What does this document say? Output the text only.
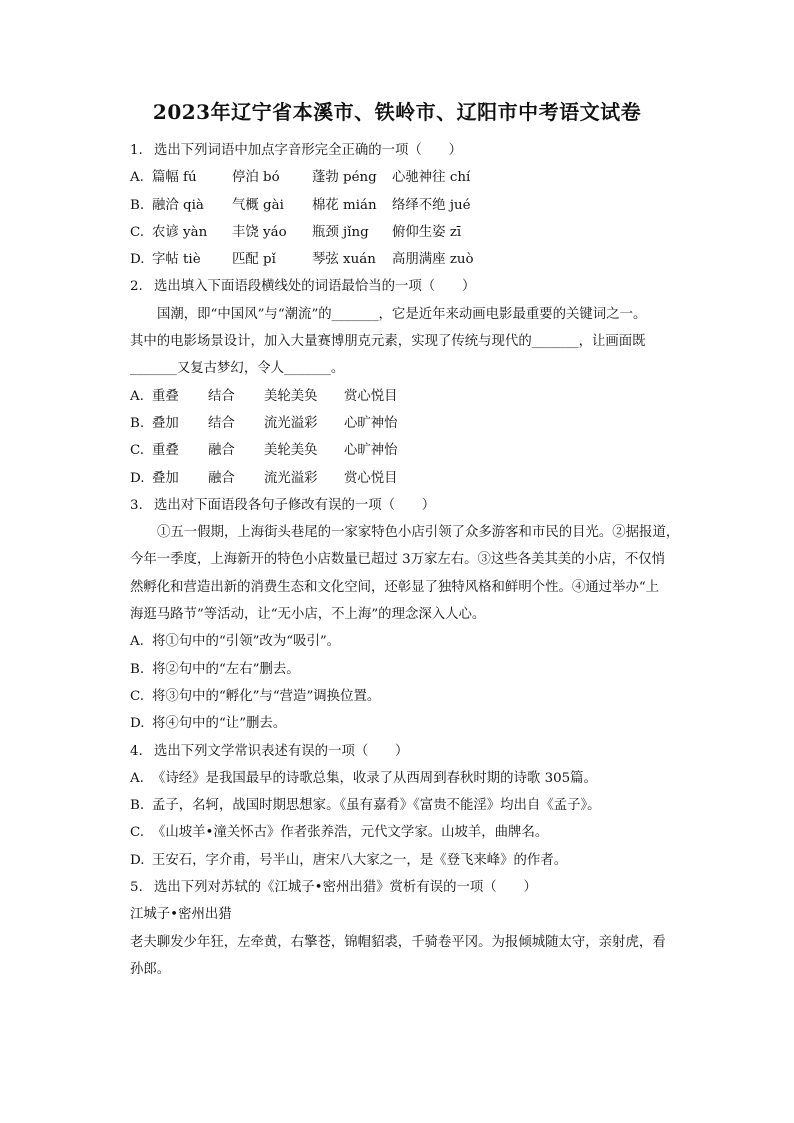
2023年辽宁省本溪市、铁岭市、辽阳市中考语文试卷
1. 选出下列词语中加点字音形完全正确的一项（　　）
A. 篇幅 fú	停泊 bó 蓬勃 péng 心驰神往 chí
B. 融洽 qià 气概 gài 棉花 mián 络绎不绝 jué
C. 农谚 yàn 丰饶 yáo 瓶颈 jǐng 俯仰生姿 zī
D. 字帖 tiè 匹配 pǐ	琴弦 xuán 高朋满座 zuò
2. 选出填入下面语段横线处的词语最恰当的一项（　　）
国潮，即“中国风”与“潮流”的_______，它是近年来动画电影最重要的关键词之一。
其中的电影场景设计，加入大量赛博朋克元素，实现了传统与现代的_______，让画面既
_______又复古梦幻，令人_______。
A. 重叠 结合 美轮美奂 赏心悦目
B. 叠加 结合 流光溢彩 心旷神怡
C. 重叠 融合 美轮美奂 心旷神怡
D. 叠加 融合 流光溢彩 赏心悦目
3. 选出对下面语段各句子修改有误的一项（　　）
①五一假期，上海街头巷尾的一家家特色小店引领了众多游客和市民的目光。②据报道，
今年一季度，上海新开的特色小店数量已超过 3万家左右。③这些各美其美的小店，不仅悄
然孵化和营造出新的消费生态和文化空间，还彰显了独特风格和鲜明个性。④通过举办“上
海逛马路节”等活动，让“无小店，不上海”的理念深入人心。
A. 将①句中的“引领”改为“吸引”。
B. 将②句中的“左右”删去。
C. 将③句中的“孵化”与“营造”调换位置。
D. 将④句中的“让”删去。
4. 选出下列文学常识表述有误的一项（　　）
A. 《诗经》是我国最早的诗歌总集，收录了从西周到春秋时期的诗歌 305篇。
B. 孟子，名轲，战国时期思想家。《虽有嘉肴》《富贵不能淫》均出自《孟子》。
C. 《山坡羊•潼关怀古》作者张养浩，元代文学家。山坡羊，曲牌名。
D. 王安石，字介甫，号半山，唐宋八大家之一，是《登飞来峰》的作者。
5. 选出下列对苏轼的《江城子•密州出猎》赏析有误的一项（　　）
江城子•密州出猎
老夫聊发少年狂，左牵黄，右擎苍，锦帽貂裘，千骑卷平冈。为报倾城随太守，亲射虎，看
孙郎。
